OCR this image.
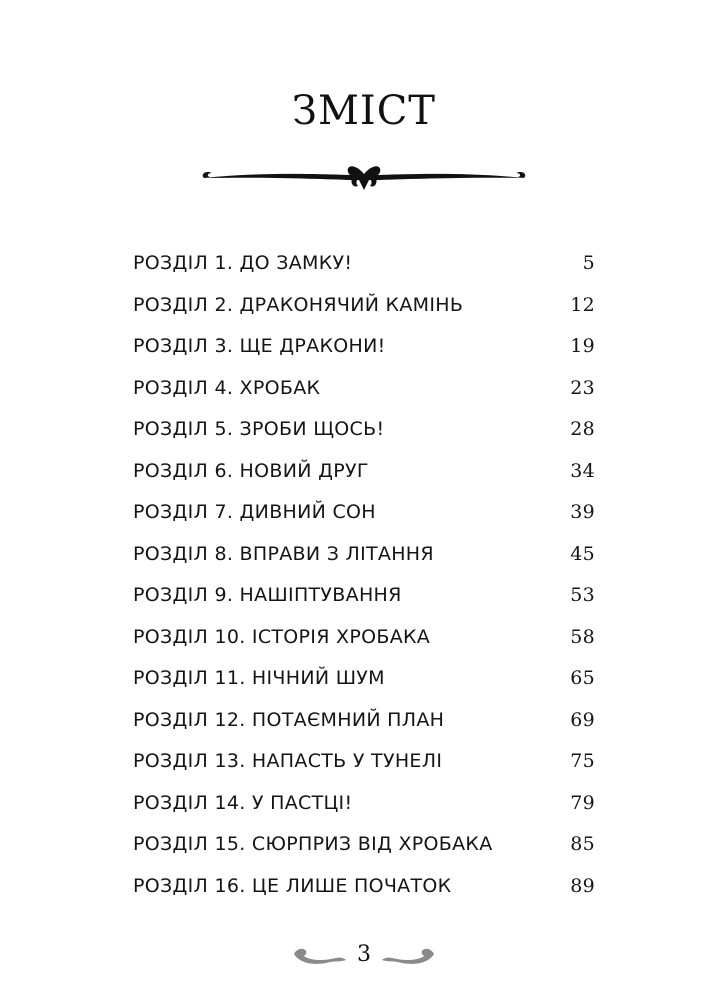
ЗМІСТ
РОЗДІЛ 1. ДО ЗАМКУ!	5
РОЗДІЛ 2. ДРАКОНЯЧИЙ КАМІНЬ	12
РОЗДІЛ 3. ЩЕ ДРАКОНИ!	19
РОЗДІЛ 4. ХРОБАК	23
РОЗДІЛ 5. ЗРОБИ ЩОСЬ!	28
РОЗДІЛ 6. НОВИЙ ДРУГ	34
РОЗДІЛ 7. ДИВНИЙ СОН	39
РОЗДІЛ 8. ВПРАВИ З ЛІТАННЯ	45
РОЗДІЛ 9. НАШІПТУВАННЯ	53
РОЗДІЛ 10. ІСТОРІЯ ХРОБАКА	58
РОЗДІЛ 11. НІЧНИЙ ШУМ	65
РОЗДІЛ 12. ПОТАЄМНИЙ ПЛАН	69
РОЗДІЛ 13. НАПАСТЬ У ТУНЕЛІ	75
РОЗДІЛ 14. У ПАСТЦІ!	79
РОЗДІЛ 15. СЮРПРИЗ ВІД ХРОБАКА	85
РОЗДІЛ 16. ЦЕ ЛИШЕ ПОЧАТОК	89
3
